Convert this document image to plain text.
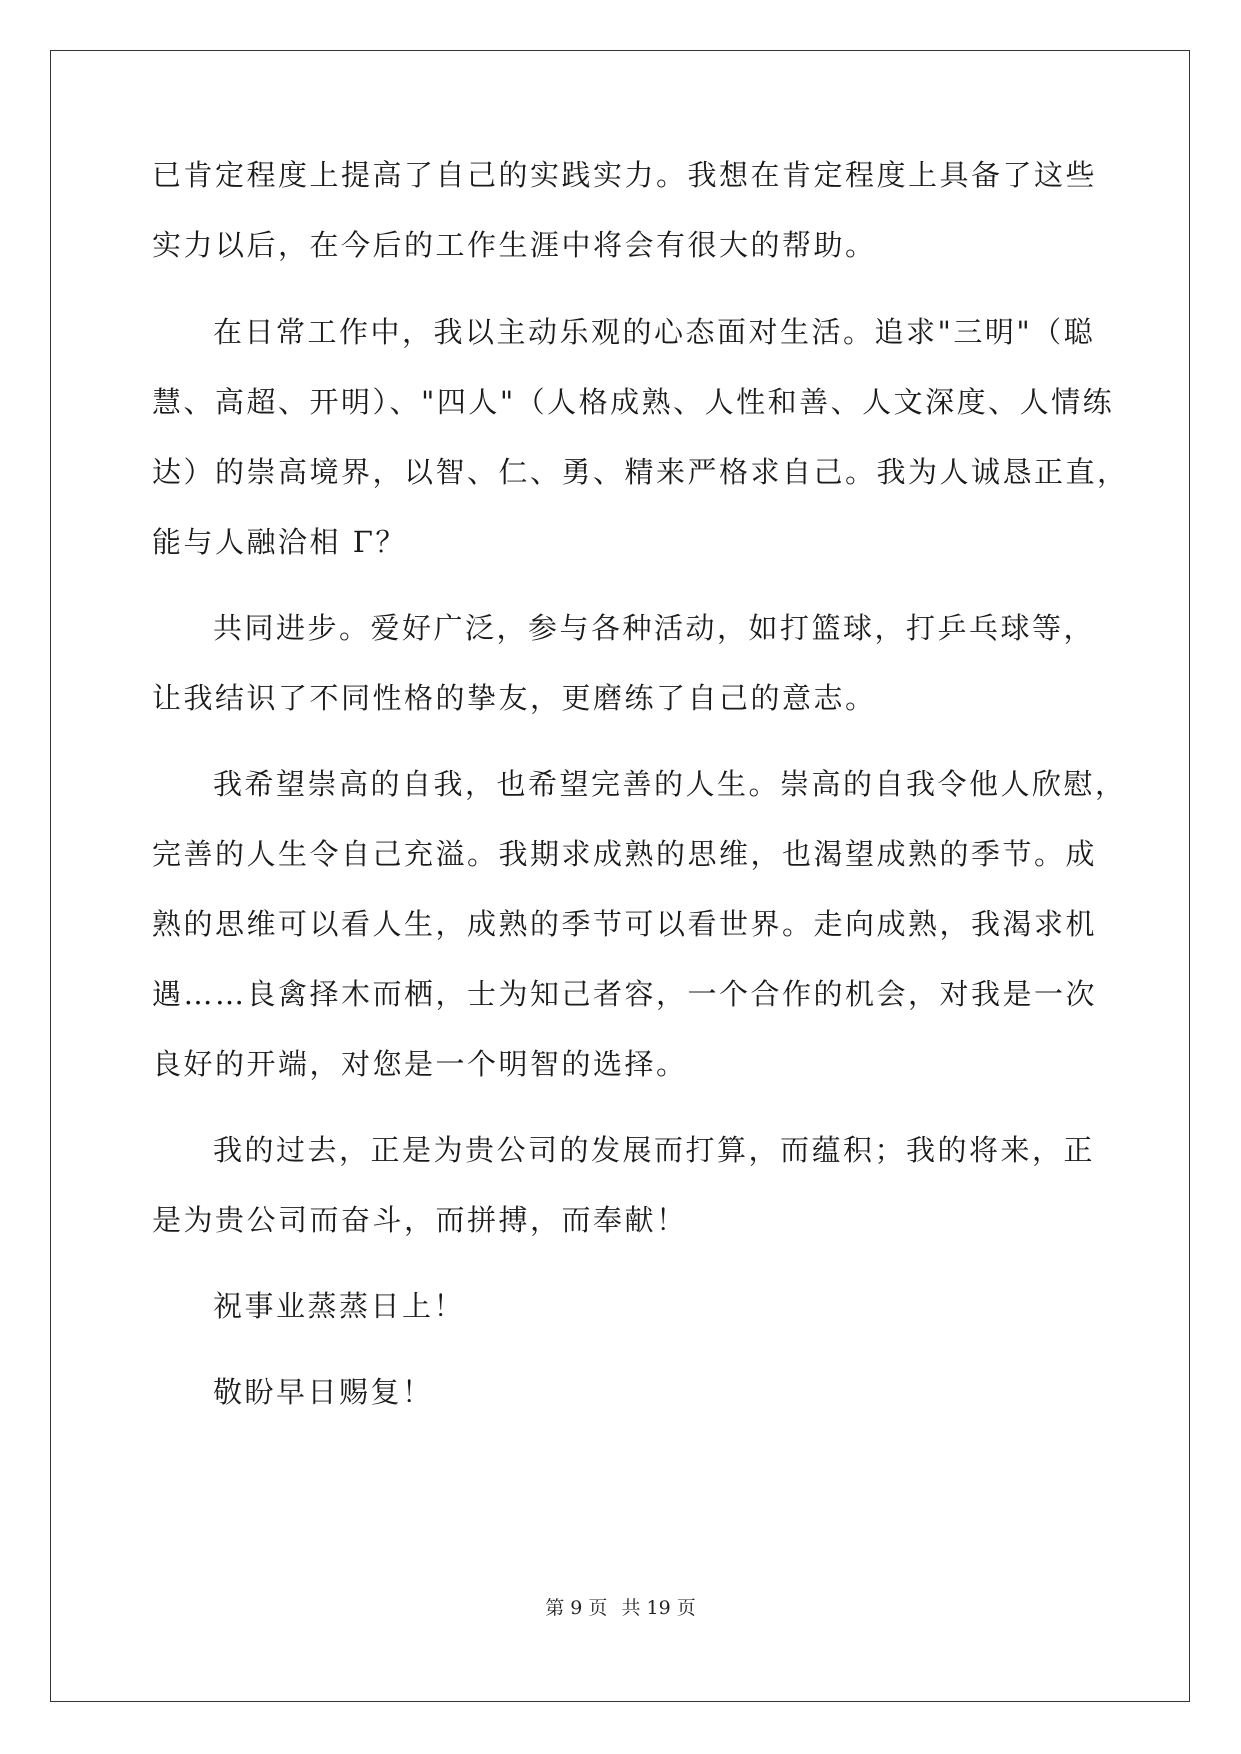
已肯定程度上提高了自己的实践实力。我想在肯定程度上具备了这些
实力以后，在今后的工作生涯中将会有很大的帮助。
在日常工作中，我以主动乐观的心态面对生活。追求"三明"（聪
慧、高超、开明）、"四人"（人格成熟、人性和善、人文深度、人情练
达）的崇高境界，以智、仁、勇、精来严格求自己。我为人诚恳正直，
能与人融洽相 Γ？
共同进步。爱好广泛，参与各种活动，如打篮球，打乒乓球等，
让我结识了不同性格的挚友，更磨练了自己的意志。
我希望崇高的自我，也希望完善的人生。崇高的自我令他人欣慰，
完善的人生令自己充溢。我期求成熟的思维，也渴望成熟的季节。成
熟的思维可以看人生，成熟的季节可以看世界。走向成熟，我渴求机
遇……良禽择木而栖，士为知己者容，一个合作的机会，对我是一次
良好的开端，对您是一个明智的选择。
我的过去，正是为贵公司的发展而打算，而蕴积；我的将来，正
是为贵公司而奋斗，而拼搏，而奉献！
祝事业蒸蒸日上！
敬盼早日赐复！
第 9 页 共 19 页
